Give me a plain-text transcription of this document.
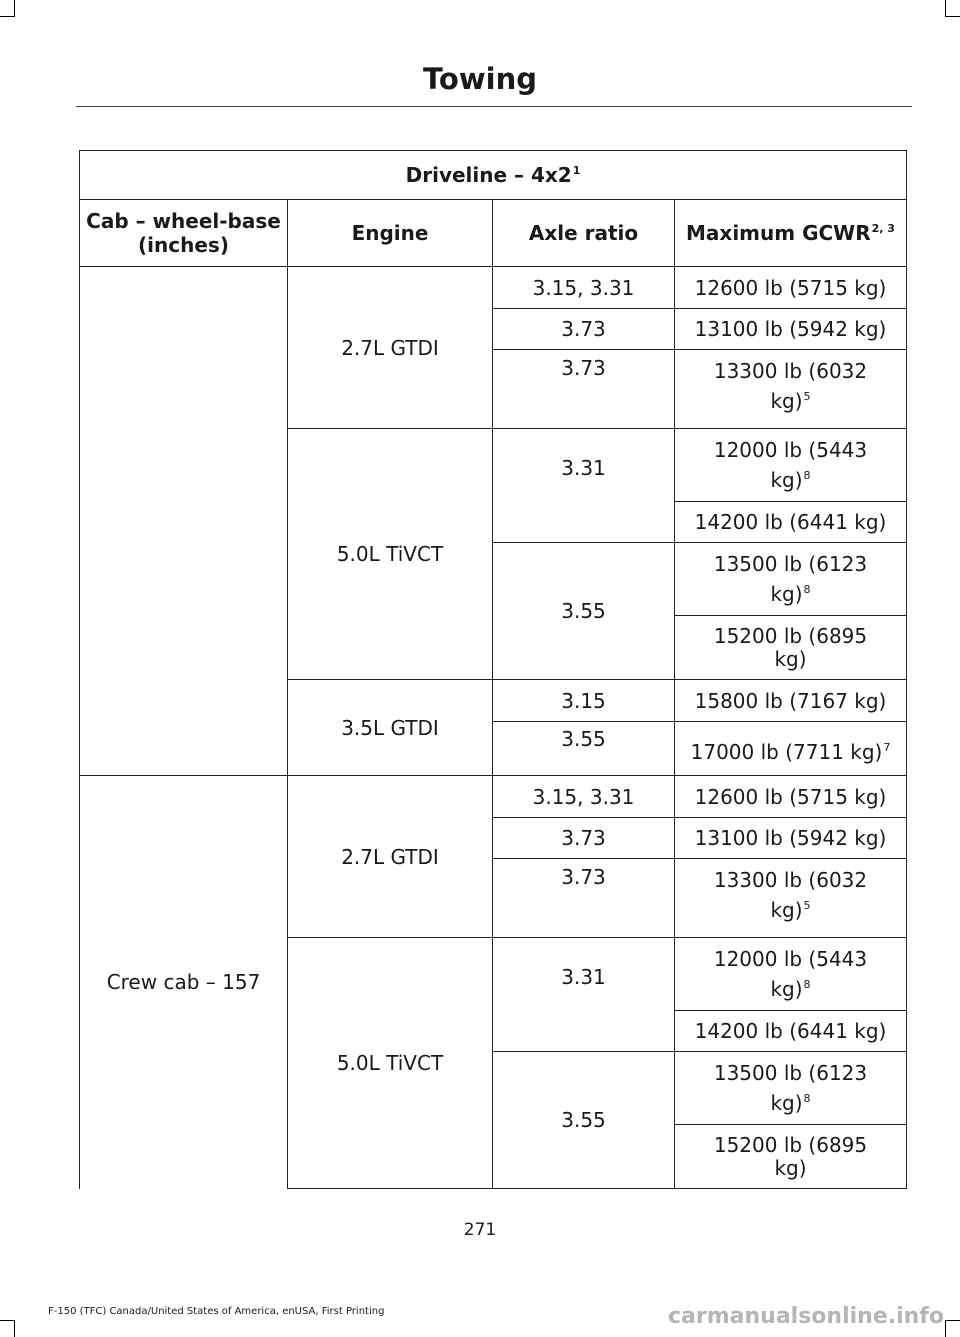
Towing
Driveline – $4x2^1$
Cab – wheel-base (inches)	Engine	Axle ratio	Maximum GCWR$^{2, 3}$
	2.7L GTDI	3.15, 3.31	12600 lb (5715 kg)
		3.73	13100 lb (5942 kg)
		3.73	13300 lb (6032
kg)$^5$
	5.0L TiVCT	3.31	12000 lb (5443
kg)$^8$
			14200 lb (6441 kg)
		3.55	13500 lb (6123
kg)$^8$

			15200 lb (6895
kg)
	3.5L GTDI	3.15	15800 lb (7167 kg)
		3.55	17000 lb (7711 kg)$^7$
Crew cab – 157	2.7L GTDI	3.15, 3.31	12600 lb (5715 kg)
		3.73	13100 lb (5942 kg)
		3.73	13300 lb (6032
kg)$^5$
	5.0L TiVCT	3.31	12000 lb (5443
kg)$^8$
			14200 lb (6441 kg)
		3.55	13500 lb (6123
kg)$^8$

			15200 lb (6895
kg)
271
F-150 (TFC) Canada/United States of America, enUSA, First Printing	carmanualsonline.info
